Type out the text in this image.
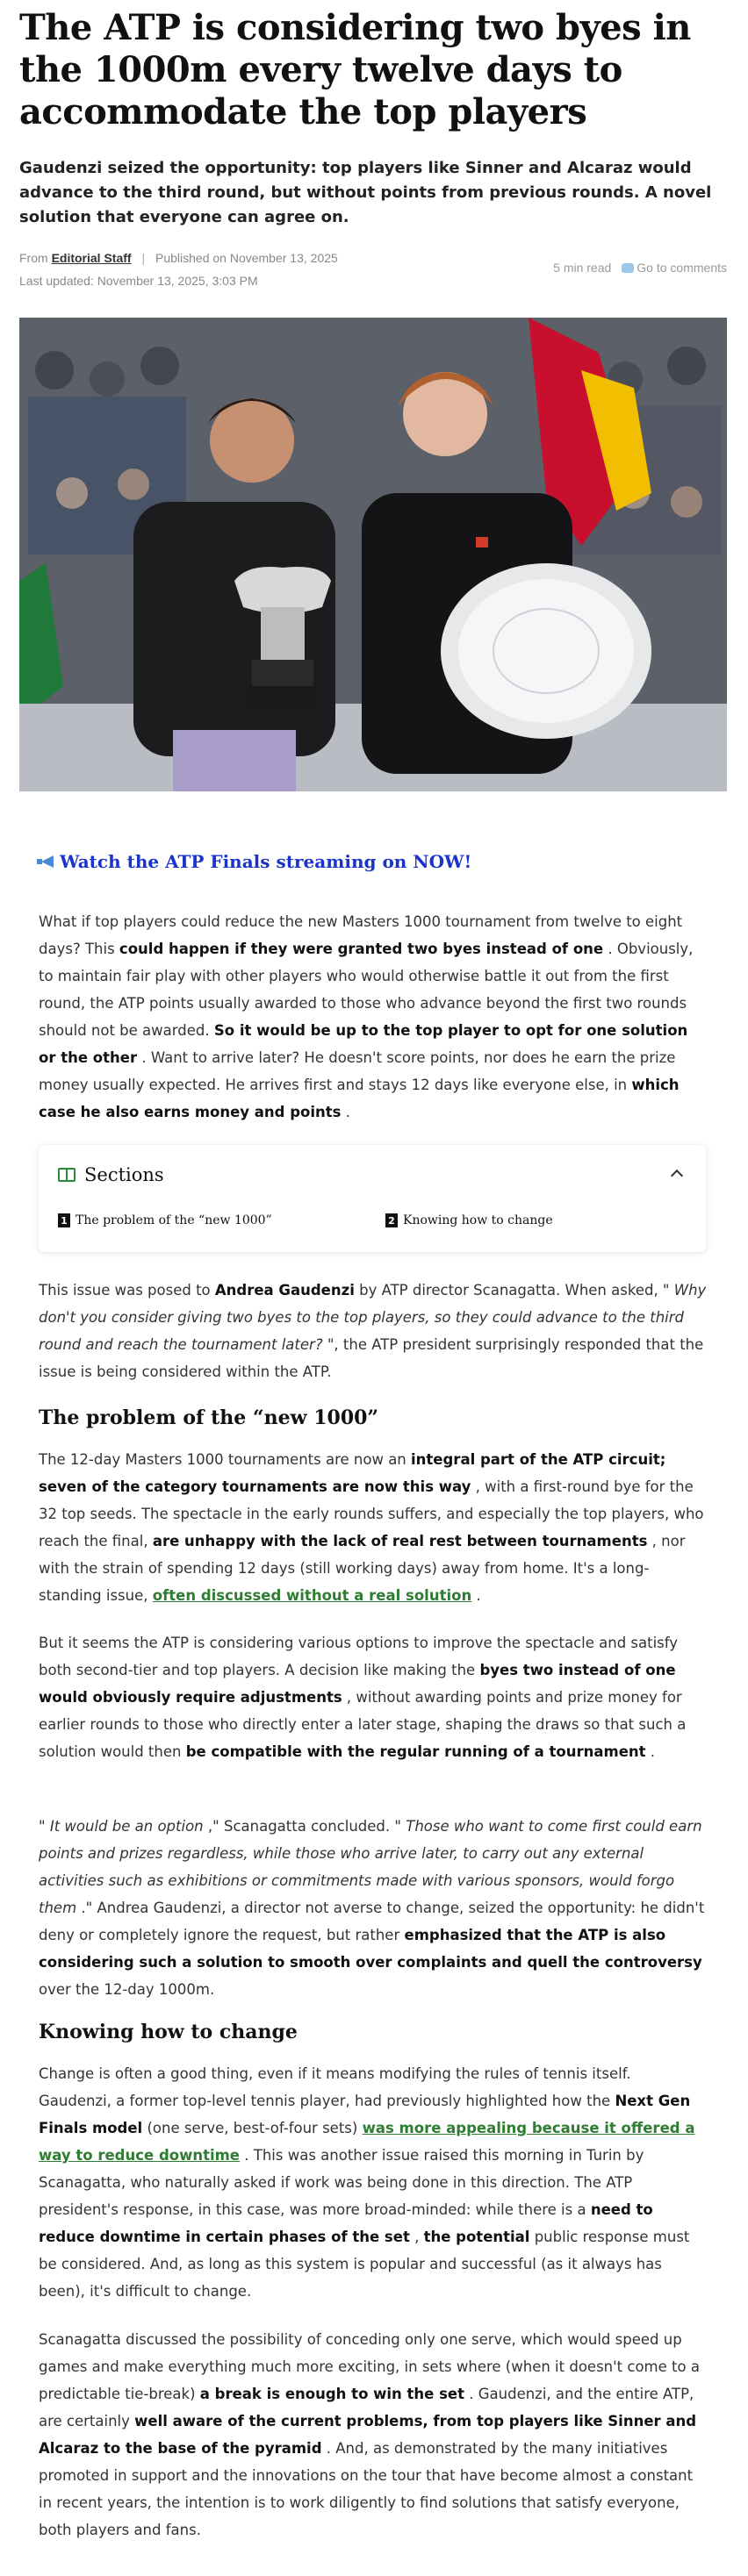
The ATP is considering two byes in the 1000m every twelve days to accommodate the top players

Gaudenzi seized the opportunity: top players like Sinner and Alcaraz would advance to the third round, but without points from previous rounds. A novel solution that everyone can agree on.

From Editorial Staff | Published on November 13, 2025
Last updated: November 13, 2025, 3:03 PM
5 min read Go to comments
Watch the ATP Finals streaming on NOW!

What if top players could reduce the new Masters 1000 tournament from twelve to eight days? This could happen if they were granted two byes instead of one . Obviously, to maintain fair play with other players who would otherwise battle it out from the first round, the ATP points usually awarded to those who advance beyond the first two rounds should not be awarded. So it would be up to the top player to opt for one solution or the other . Want to arrive later? He doesn't score points, nor does he earn the prize money usually expected. He arrives first and stays 12 days like everyone else, in which case he also earns money and points .

Sections
1 The problem of the “new 1000”	2 Knowing how to change

This issue was posed to Andrea Gaudenzi by ATP director Scanagatta. When asked, " Why don't you consider giving two byes to the top players, so they could advance to the third round and reach the tournament later? ", the ATP president surprisingly responded that the issue is being considered within the ATP.

The problem of the “new 1000”

The 12-day Masters 1000 tournaments are now an integral part of the ATP circuit; seven of the category tournaments are now this way , with a first-round bye for the 32 top seeds. The spectacle in the early rounds suffers, and especially the top players, who reach the final, are unhappy with the lack of real rest between tournaments , nor with the strain of spending 12 days (still working days) away from home. It's a long-standing issue, often discussed without a real solution .

But it seems the ATP is considering various options to improve the spectacle and satisfy both second-tier and top players. A decision like making the byes two instead of one would obviously require adjustments , without awarding points and prize money for earlier rounds to those who directly enter a later stage, shaping the draws so that such a solution would then be compatible with the regular running of a tournament .

" It would be an option ," Scanagatta concluded. " Those who want to come first could earn points and prizes regardless, while those who arrive later, to carry out any external activities such as exhibitions or commitments made with various sponsors, would forgo them ." Andrea Gaudenzi, a director not averse to change, seized the opportunity: he didn't deny or completely ignore the request, but rather emphasized that the ATP is also considering such a solution to smooth over complaints and quell the controversy over the 12-day 1000m.

Knowing how to change

Change is often a good thing, even if it means modifying the rules of tennis itself. Gaudenzi, a former top-level tennis player, had previously highlighted how the Next Gen Finals model (one serve, best-of-four sets) was more appealing because it offered a way to reduce downtime . This was another issue raised this morning in Turin by Scanagatta, who naturally asked if work was being done in this direction. The ATP president's response, in this case, was more broad-minded: while there is a need to reduce downtime in certain phases of the set , the potential public response must be considered. And, as long as this system is popular and successful (as it always has been), it's difficult to change.

Scanagatta discussed the possibility of conceding only one serve, which would speed up games and make everything much more exciting, in sets where (when it doesn't come to a predictable tie-break) a break is enough to win the set . Gaudenzi, and the entire ATP, are certainly well aware of the current problems, from top players like Sinner and Alcaraz to the base of the pyramid . And, as demonstrated by the many initiatives promoted in support and the innovations on the tour that have become almost a constant in recent years, the intention is to work diligently to find solutions that satisfy everyone, both players and fans.
